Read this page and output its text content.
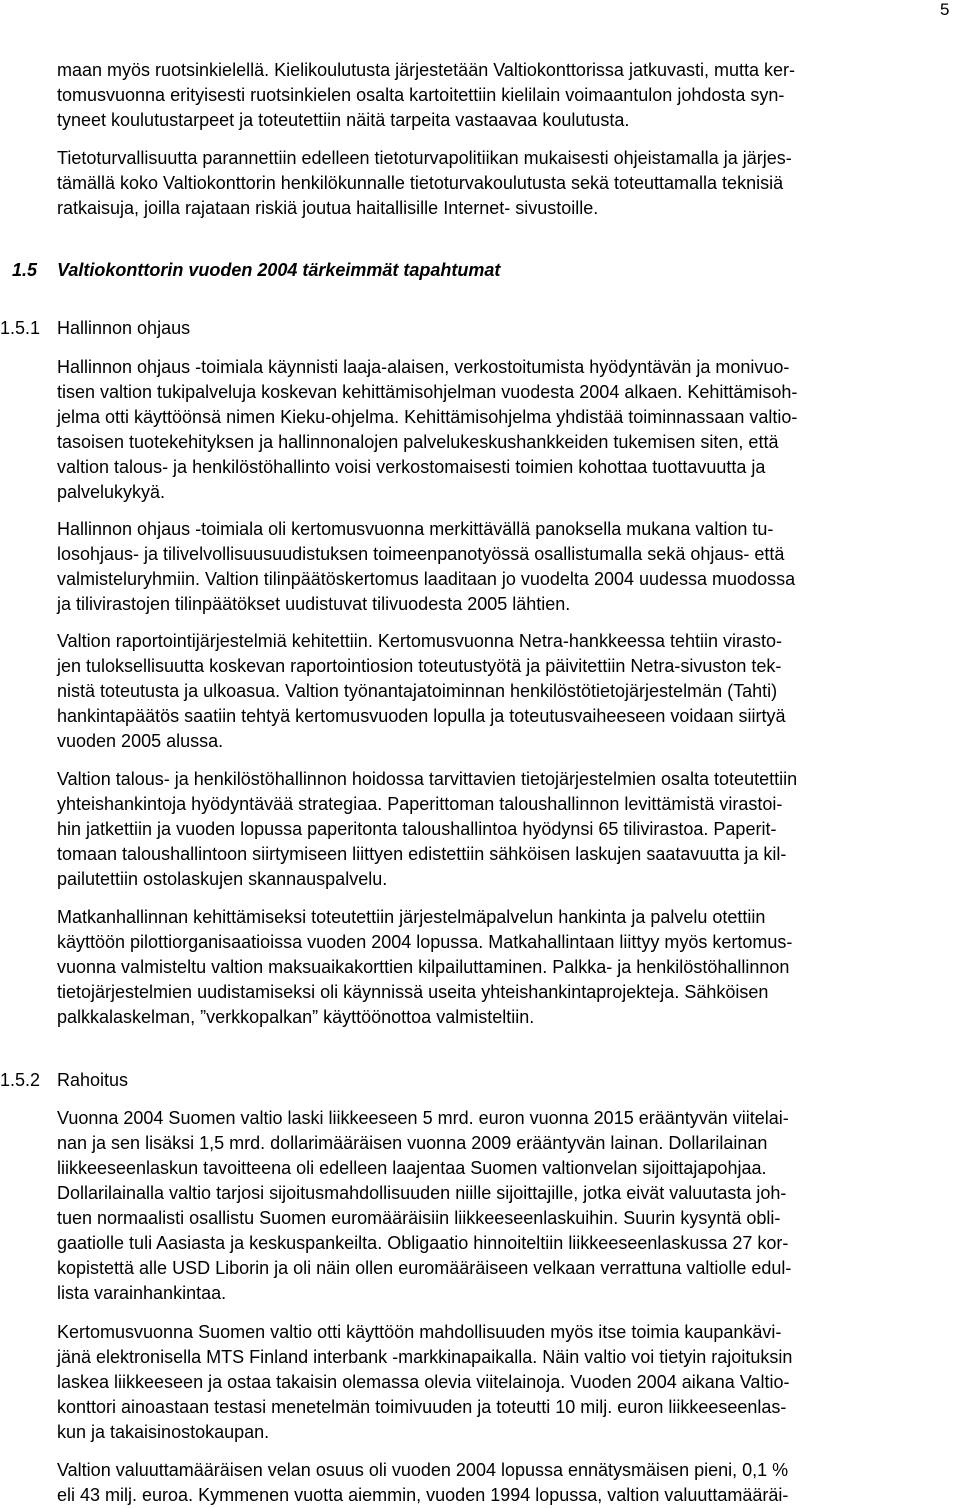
5
1.5 Valtiokonttorin vuoden 2004 tärkeimmät tapahtumat
1.5.1 Hallinnon ohjaus
1.5.2 Rahoitus
maan myös ruotsinkielellä. Kielikoulutusta järjestetään Valtiokonttorissa jatkuvasti, mutta ker-
tomusvuonna erityisesti ruotsinkielen osalta kartoitettiin kielilain voimaantulon johdosta syn-
tyneet koulutustarpeet ja toteutettiin näitä tarpeita vastaavaa koulutusta.
Tietoturvallisuutta parannettiin edelleen tietoturvapolitiikan mukaisesti ohjeistamalla ja järjes-
tämällä koko Valtiokonttorin henkilökunnalle tietoturvakoulutusta sekä toteuttamalla teknisiä
ratkaisuja, joilla rajataan riskiä joutua haitallisille Internet- sivustoille.
Hallinnon ohjaus -toimiala käynnisti laaja-alaisen, verkostoitumista hyödyntävän ja monivuo-
tisen valtion tukipalveluja koskevan kehittämisohjelman vuodesta 2004 alkaen. Kehittämisoh-
jelma otti käyttöönsä nimen Kieku-ohjelma. Kehittämisohjelma yhdistää toiminnassaan valtio-
tasoisen tuotekehityksen ja hallinnonalojen palvelukeskushankkeiden tukemisen siten, että
valtion talous- ja henkilöstöhallinto voisi verkostomaisesti toimien kohottaa tuottavuutta ja
palvelukykyä.
Hallinnon ohjaus -toimiala oli kertomusvuonna merkittävällä panoksella mukana valtion tu-
losohjaus- ja tilivelvollisuusuudistuksen toimeenpanotyössä osallistumalla sekä ohjaus- että
valmisteluryhmiin. Valtion tilinpäätöskertomus laaditaan jo vuodelta 2004 uudessa muodossa
ja tilivirastojen tilinpäätökset uudistuvat tilivuodesta 2005 lähtien.
Valtion raportointijärjestelmiä kehitettiin. Kertomusvuonna Netra-hankkeessa tehtiin virasto-
jen tuloksellisuutta koskevan raportointiosion toteutustyötä ja päivitettiin Netra-sivuston tek-
nistä toteutusta ja ulkoasua. Valtion työnantajatoiminnan henkilöstötietojärjestelmän (Tahti)
hankintapäätös saatiin tehtyä kertomusvuoden lopulla ja toteutusvaiheeseen voidaan siirtyä
vuoden 2005 alussa.
Valtion talous- ja henkilöstöhallinnon hoidossa tarvittavien tietojärjestelmien osalta toteutettiin
yhteishankintoja hyödyntävää strategiaa. Paperittoman taloushallinnon levittämistä virastoi-
hin jatkettiin ja vuoden lopussa paperitonta taloushallintoa hyödynsi 65 tilivirastoa. Paperit-
tomaan taloushallintoon siirtymiseen liittyen edistettiin sähköisen laskujen saatavuutta ja kil-
pailutettiin ostolaskujen skannauspalvelu.
Matkanhallinnan kehittämiseksi toteutettiin järjestelmäpalvelun hankinta ja palvelu otettiin
käyttöön pilottiorganisaatioissa vuoden 2004 lopussa. Matkahallintaan liittyy myös kertomus-
vuonna valmisteltu valtion maksuaikakorttien kilpailuttaminen. Palkka- ja henkilöstöhallinnon
tietojärjestelmien uudistamiseksi oli käynnissä useita yhteishankintaprojekteja. Sähköisen
palkkalaskelman, ”verkkopalkan” käyttöönottoa valmisteltiin.
Vuonna 2004 Suomen valtio laski liikkeeseen 5 mrd. euron vuonna 2015 erääntyvän viitelai-
nan ja sen lisäksi 1,5 mrd. dollarimääräisen vuonna 2009 erääntyvän lainan. Dollarilainan
liikkeeseenlaskun tavoitteena oli edelleen laajentaa Suomen valtionvelan sijoittajapohjaa.
Dollarilainalla valtio tarjosi sijoitusmahdollisuuden niille sijoittajille, jotka eivät valuutasta joh-
tuen normaalisti osallistu Suomen euromääräisiin liikkeeseenlaskuihin. Suurin kysyntä obli-
gaatiolle tuli Aasiasta ja keskuspankeilta. Obligaatio hinnoiteltiin liikkeeseenlaskussa 27 kor-
kopistettä alle USD Liborin ja oli näin ollen euromääräiseen velkaan verrattuna valtiolle edul-
lista varainhankintaa.
Kertomusvuonna Suomen valtio otti käyttöön mahdollisuuden myös itse toimia kaupankävi-
jänä elektronisella MTS Finland interbank -markkinapaikalla. Näin valtio voi tietyin rajoituksin
laskea liikkeeseen ja ostaa takaisin olemassa olevia viitelainoja. Vuoden 2004 aikana Valtio-
konttori ainoastaan testasi menetelmän toimivuuden ja toteutti 10 milj. euron liikkeeseenlas-
kun ja takaisinostokaupan.
Valtion valuuttamääräisen velan osuus oli vuoden 2004 lopussa ennätysmäisen pieni, 0,1 %
eli 43 milj. euroa. Kymmenen vuotta aiemmin, vuoden 1994 lopussa, valtion valuuttamääräi-
